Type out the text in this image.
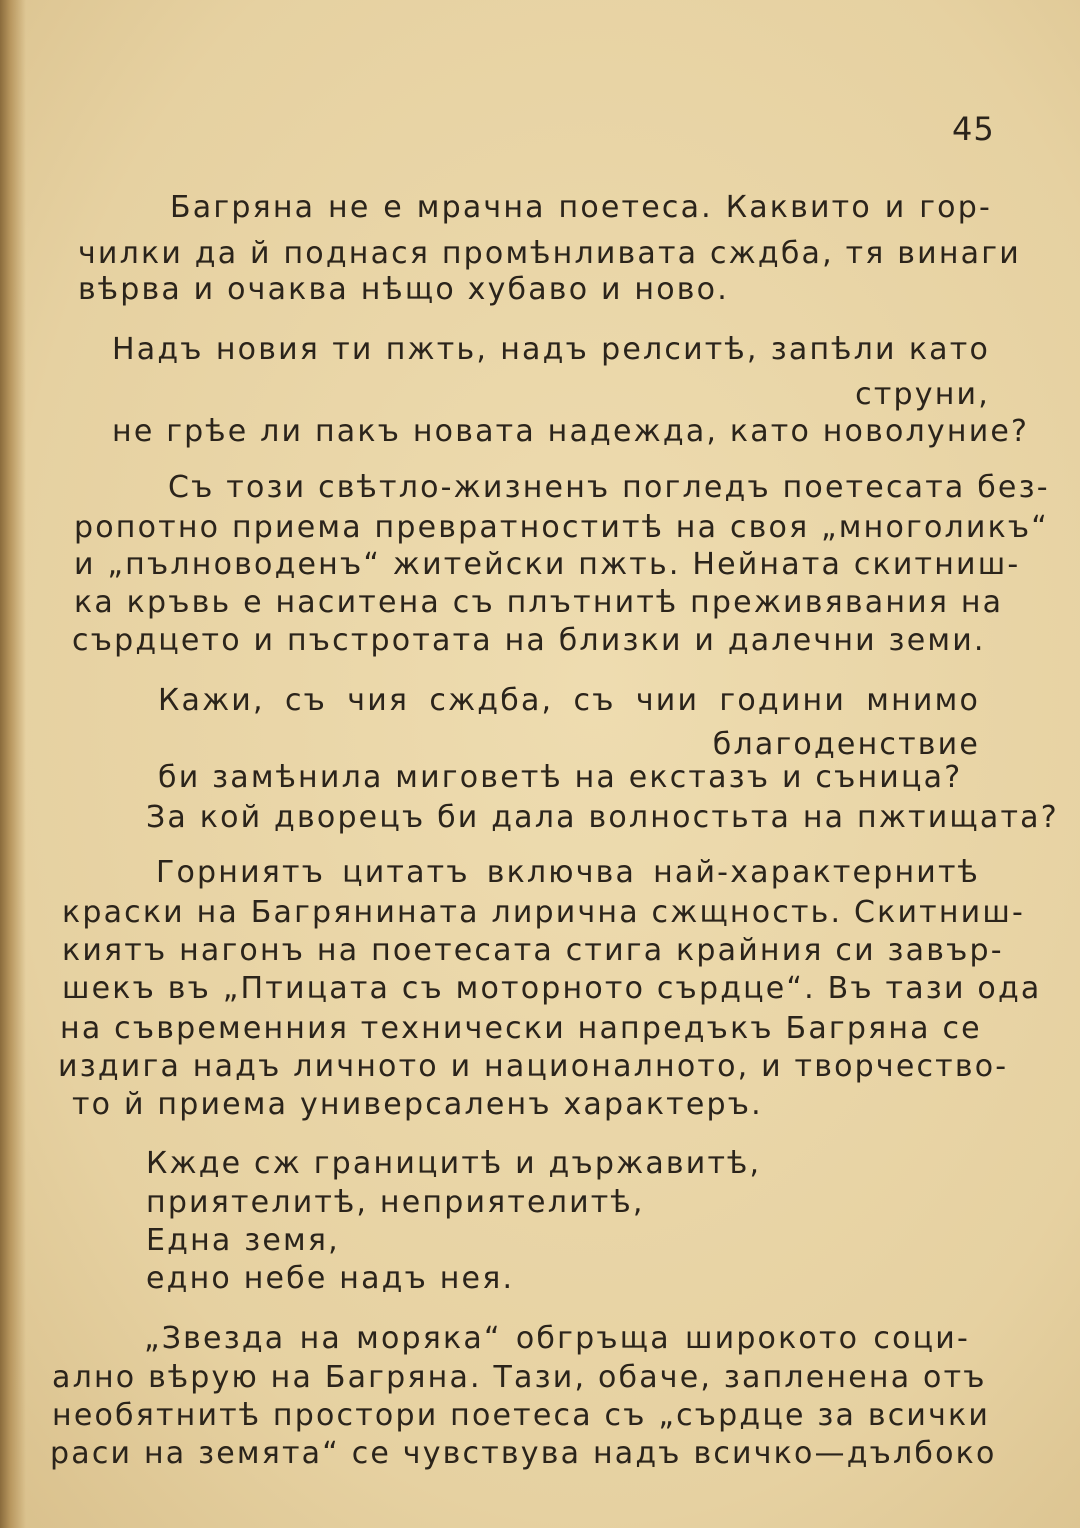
45

Багряна не е мрачна поетеса. Каквито и гор-

чилки да й поднася промѣнливата сждба, тя винаги

вѣрва и очаква нѣщо хубаво и ново.

Надъ новия ти пжть, надъ релситѣ, запѣли като

струни,

не грѣе ли пакъ новата надежда, като новолуние?

Съ този свѣтло-жизненъ погледъ поетесата без-

ропотно приема превратноститѣ на своя „многоликъ“

и „пълноводенъ“ житейски пжть. Нейната скитниш-

ка кръвь е наситена съ плътнитѣ преживявания на

сърдцето и пъстротата на близки и далечни земи.

Кажи, съ чия сждба, съ чии години мнимо

благоденствие

би замѣнила миговетѣ на екстазъ и съница?

За кой дворецъ би дала волностьта на пжтищата?

Горниятъ цитатъ включва най-характернитѣ

краски на Багрянината лирична сжщность. Скитниш-

киятъ нагонъ на поетесата стига крайния си завър-

шекъ въ „Птицата съ моторното сърдце“. Въ тази ода

на съвременния технически напредъкъ Багряна се

издига надъ личното и националното, и творчество-

то й приема универсаленъ характеръ.

Кжде сж границитѣ и държавитѣ,

приятелитѣ, неприятелитѣ,

Една земя,

едно небе надъ нея.

„Звезда на моряка“ обгръща широкото соци-

ално вѣрую на Багряна. Тази, обаче, запленена отъ

необятнитѣ простори поетеса съ „сърдце за всички

раси на земята“ се чувствува надъ всичко—дълбоко
